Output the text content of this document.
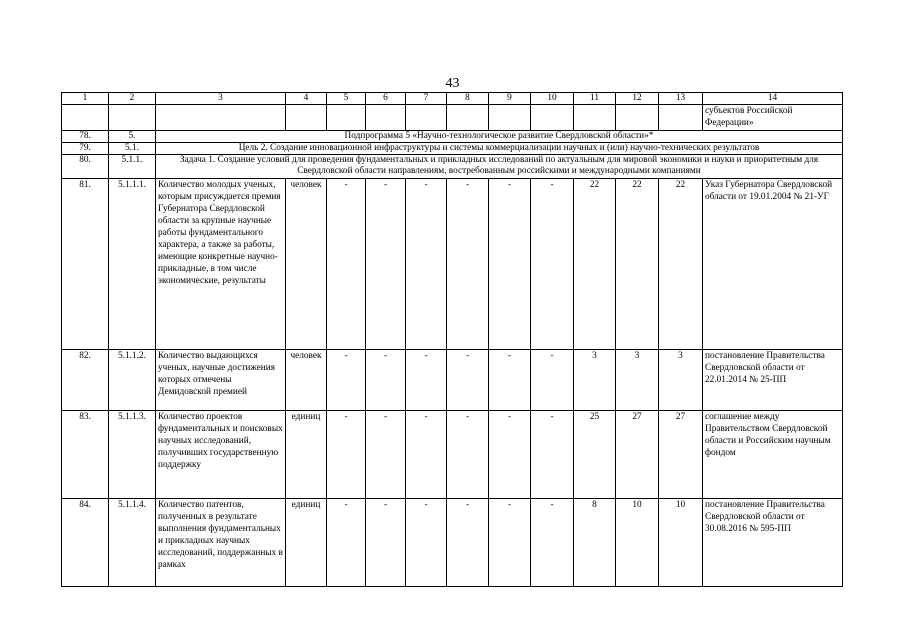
43
1	2	3	4	5	6	7	8	9	10	11	12	13	14
													субъектов Российской Федерации»
78.	5.	Подпрограмма 5 «Научно-технологическое развитие Свердловской области»*											
79.	5.1.	Цель 2. Создание инновационной инфраструктуры и системы коммерциализации научных и (или) научно-технических результатов											
80.	5.1.1.	Задача 1. Создание условий для проведения фундаментальных и прикладных исследований по актуальным для мировой экономики и науки и приоритетным для Свердловской области направлениям, востребованным российскими и международными компаниями											
81.	5.1.1.1.	Количество молодых ученых, которым присуждается премия Губернатора Свердловской области за крупные научные работы фундаментального характера, а также за работы, имеющие конкретные научно-прикладные, в том числе экономические, результаты	человек	-	-	-	-	-	-	22	22	22	Указ Губернатора Свердловской области от 19.01.2004 № 21-УГ
82.	5.1.1.2.	Количество выдающихся ученых, научные достижения которых отмечены Демидовской премией	человек	-	-	-	-	-	-	3	3	3	постановление Правительства Свердловской области от 22.01.2014 № 25-ПП
83.	5.1.1.3.	Количество проектов фундаментальных и поисковых научных исследований, получивших государственную поддержку	единиц	-	-	-	-	-	-	25	27	27	соглашение между Правительством Свердловской области и Российским научным фондом
84.	5.1.1.4.	Количество патентов, полученных в результате выполнения фундаментальных и прикладных научных исследований, поддержанных в рамках	единиц	-	-	-	-	-	-	8	10	10	постановление Правительства Свердловской области от 30.08.2016 № 595-ПП
